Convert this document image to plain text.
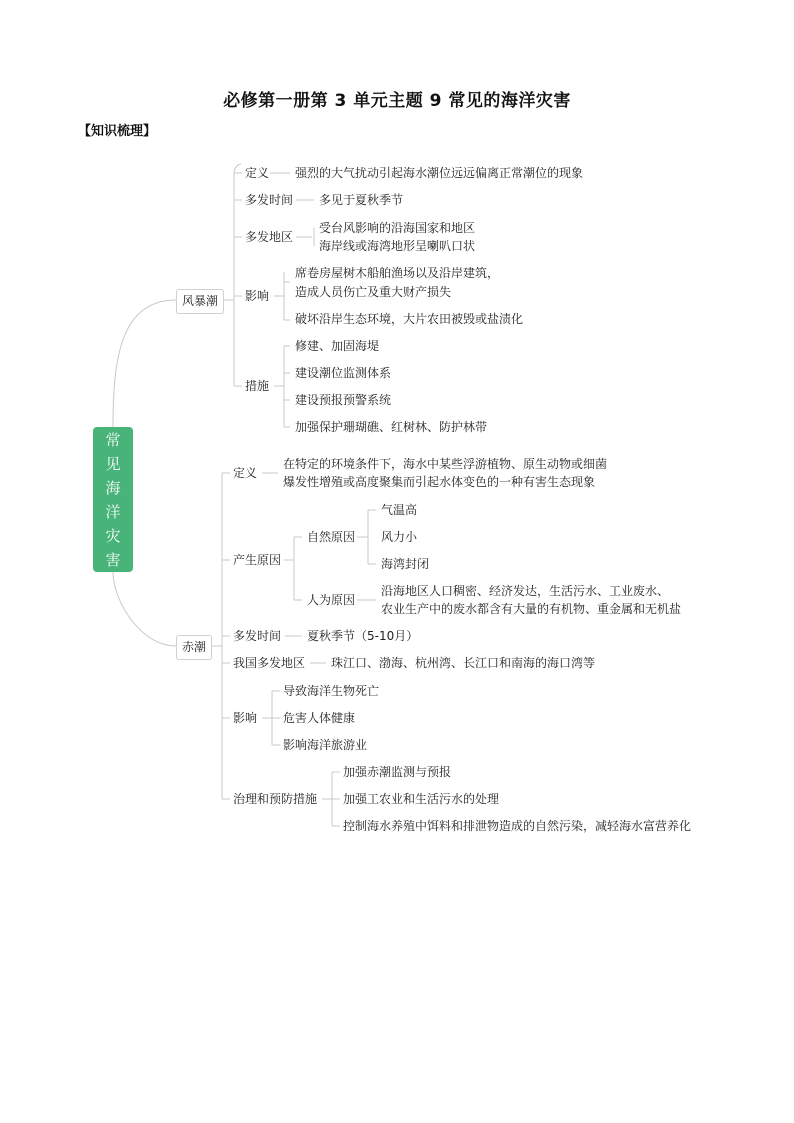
必修第一册第 3 单元主题 9 常见的海洋灾害
【知识梳理】
常见海洋灾害
风暴潮
定义 强烈的大气扰动引起海水潮位远远偏离正常潮位的现象
多发时间 多见于夏秋季节
多发地区
受台风影响的沿海国家和地区
海岸线或海湾地形呈喇叭口状
影响
席卷房屋树木船舶渔场以及沿岸建筑，
造成人员伤亡及重大财产损失
破坏沿岸生态环境，大片农田被毁或盐渍化
措施
修建、加固海堤
建设潮位监测体系
建设预报预警系统
加强保护珊瑚礁、红树林、防护林带
赤潮
定义
在特定的环境条件下，海水中某些浮游植物、原生动物或细菌
爆发性增殖或高度聚集而引起水体变色的一种有害生态现象
产生原因
自然原因
气温高
风力小
海湾封闭
人为原因
沿海地区人口稠密、经济发达，生活污水、工业废水、
农业生产中的废水都含有大量的有机物、重金属和无机盐
多发时间 夏秋季节（5-10月）
我国多发地区 珠江口、渤海、杭州湾、长江口和南海的海口湾等
影响
导致海洋生物死亡
危害人体健康
影响海洋旅游业
治理和预防措施
加强赤潮监测与预报
加强工农业和生活污水的处理
控制海水养殖中饵料和排泄物造成的自然污染，减轻海水富营养化
